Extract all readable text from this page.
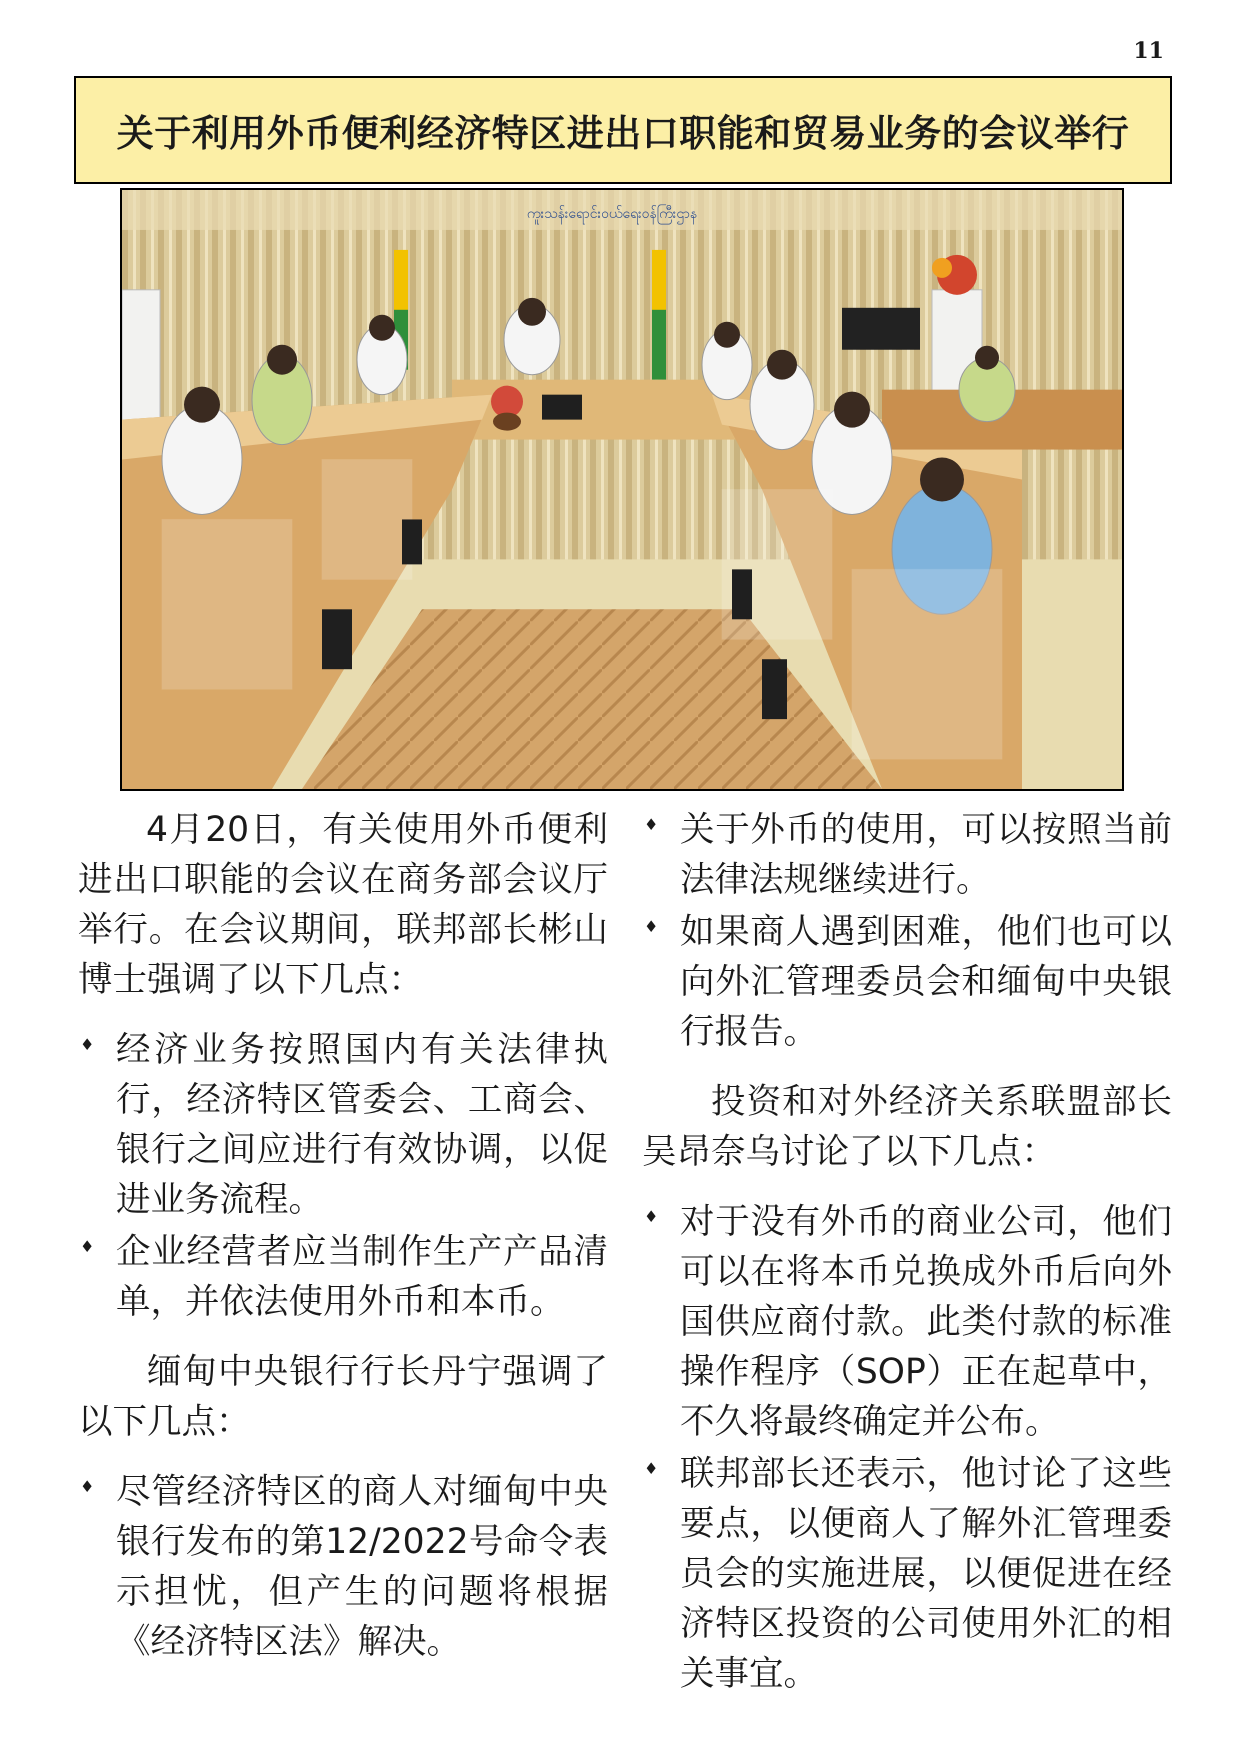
11
关于利用外币便利经济特区进出口职能和贸易业务的会议举行
ကူးသန်းရောင်းဝယ်ရေးဝန်ကြီးဌာန

4月20日，有关使用外币便利进出口职能的会议在商务部会议厅举行。在会议期间，联邦部长彬山博士强调了以下几点：

♦ 经济业务按照国内有关法律执行，经济特区管委会、工商会、银行之间应进行有效协调，以促进业务流程。
♦ 企业经营者应当制作生产产品清单，并依法使用外币和本币。

缅甸中央银行行长丹宁强调了以下几点：

♦ 尽管经济特区的商人对缅甸中央银行发布的第12/2022号命令表示担忧，但产生的问题将根据《经济特区法》解决。
♦ 关于外币的使用，可以按照当前法律法规继续进行。
♦ 如果商人遇到困难，他们也可以向外汇管理委员会和缅甸中央银行报告。

投资和对外经济关系联盟部长吴昂奈乌讨论了以下几点：

♦ 对于没有外币的商业公司，他们可以在将本币兑换成外币后向外国供应商付款。此类付款的标准操作程序（SOP）正在起草中，不久将最终确定并公布。
♦ 联邦部长还表示，他讨论了这些要点，以便商人了解外汇管理委员会的实施进展，以便促进在经济特区投资的公司使用外汇的相关事宜。
